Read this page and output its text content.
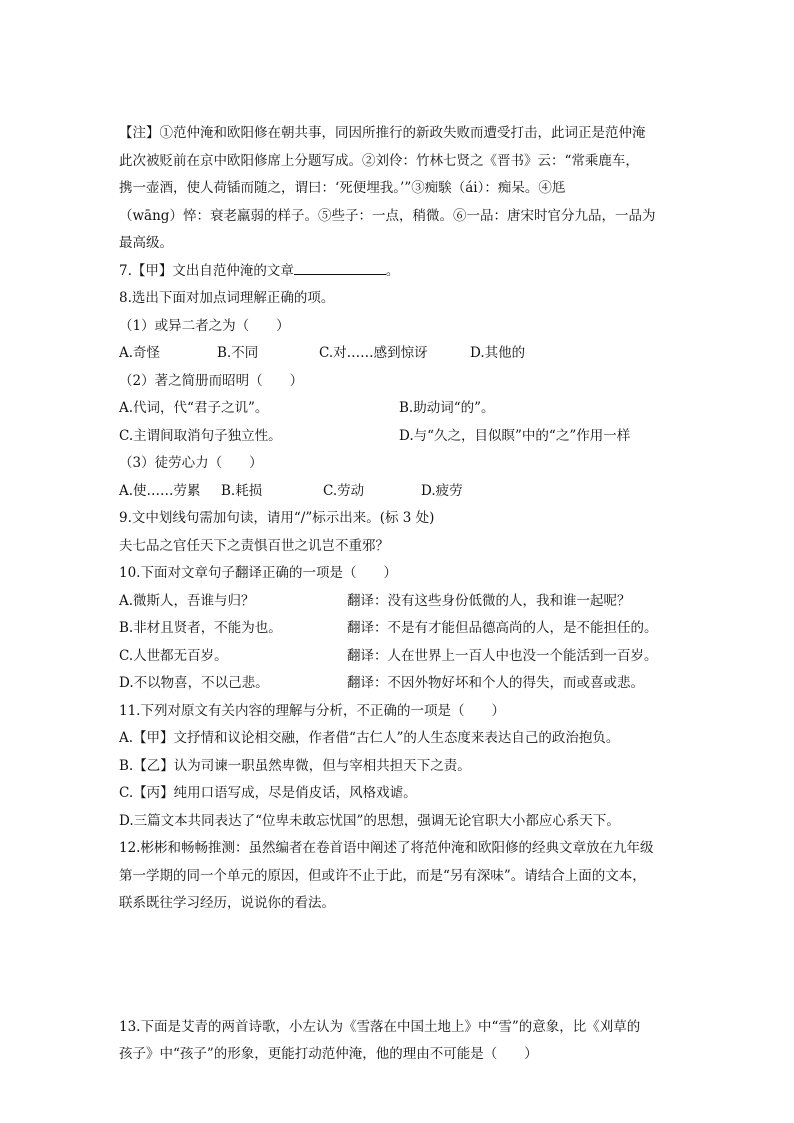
【注】①范仲淹和欧阳修在朝共事，同因所推行的新政失败而遭受打击，此词正是范仲淹
此次被贬前在京中欧阳修席上分题写成。②刘伶：竹林七贤之《晋书》云：“常乘鹿车，
携一壶酒，使人荷锸而随之，谓曰：‘死便埋我。’”③痴騃（ái）：痴呆。④尪
（wāng）悴：衰老羸弱的样子。⑤些子：一点，稍微。⑥一品：唐宋时官分九品，一品为
最高级。
7.【甲】文出自范仲淹的文章	。
8.选出下面对加点词理解正确的项。
（1）或异二者之为（　　）
A.奇怪	B.不同	C.对……感到惊讶	D.其他的
（2）著之简册而昭明（　　）
A.代词，代“君子之讥”。	B.助动词“的”。
C.主谓间取消句子独立性。	D.与“久之，目似瞑”中的“之”作用一样
（3）徒劳心力（　　）
A.使……劳累	B.耗损	C.劳动	D.疲劳
9.文中划线句需加句读，请用“/”标示出来。(标 3 处)
夫七品之官任天下之责惧百世之讥岂不重邪？
10.下面对文章句子翻译正确的一项是（　　）
A.微斯人，吾谁与归？	翻译：没有这些身份低微的人，我和谁一起呢？
B.非材且贤者，不能为也。	翻译：不是有才能但品德高尚的人，是不能担任的。
C.人世都无百岁。	翻译：人在世界上一百人中也没一个能活到一百岁。
D.不以物喜，不以己悲。	翻译：不因外物好坏和个人的得失，而或喜或悲。
11.下列对原文有关内容的理解与分析，不正确的一项是（　　）
A.【甲】文抒情和议论相交融，作者借“古仁人”的人生态度来表达自己的政治抱负。
B.【乙】认为司谏一职虽然卑微，但与宰相共担天下之责。
C.【丙】纯用口语写成，尽是俏皮话，风格戏谑。
D.三篇文本共同表达了“位卑未敢忘忧国”的思想，强调无论官职大小都应心系天下。
12.彬彬和畅畅推测：虽然编者在卷首语中阐述了将范仲淹和欧阳修的经典文章放在九年级
第一学期的同一个单元的原因，但或许不止于此，而是“另有深味”。请结合上面的文本，
联系既往学习经历，说说你的看法。
13.下面是艾青的两首诗歌，小左认为《雪落在中国土地上》中“雪”的意象，比《刈草的
孩子》中“孩子”的形象，更能打动范仲淹，他的理由不可能是（　　）
